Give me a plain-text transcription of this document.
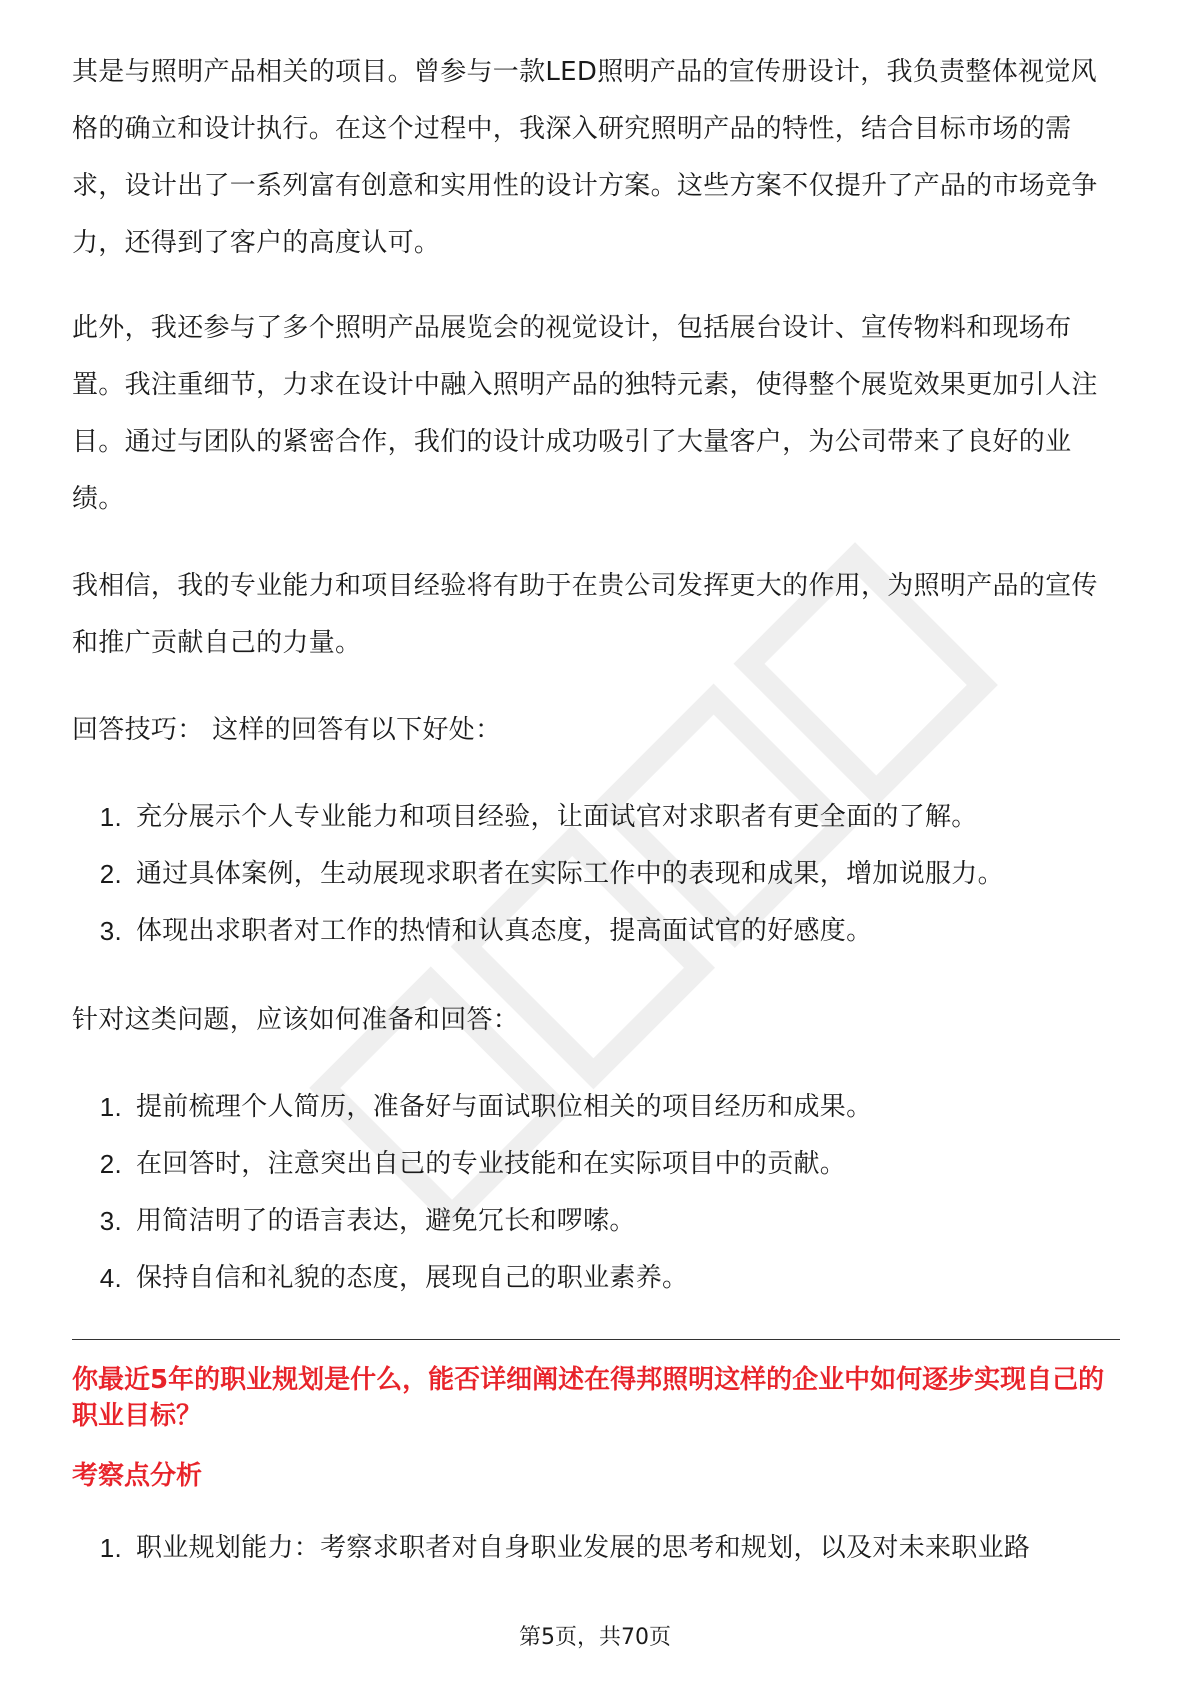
其是与照明产品相关的项目。曾参与一款LED照明产品的宣传册设计，我负责整体视觉风格的确立和设计执行。在这个过程中，我深入研究照明产品的特性，结合目标市场的需求，设计出了一系列富有创意和实用性的设计方案。这些方案不仅提升了产品的市场竞争力，还得到了客户的高度认可。

此外，我还参与了多个照明产品展览会的视觉设计，包括展台设计、宣传物料和现场布置。我注重细节，力求在设计中融入照明产品的独特元素，使得整个展览效果更加引人注目。通过与团队的紧密合作，我们的设计成功吸引了大量客户，为公司带来了良好的业绩。

我相信，我的专业能力和项目经验将有助于在贵公司发挥更大的作用，为照明产品的宣传和推广贡献自己的力量。

回答技巧： 这样的回答有以下好处：

1. 充分展示个人专业能力和项目经验，让面试官对求职者有更全面的了解。
2. 通过具体案例，生动展现求职者在实际工作中的表现和成果，增加说服力。
3. 体现出求职者对工作的热情和认真态度，提高面试官的好感度。

针对这类问题，应该如何准备和回答：

1. 提前梳理个人简历，准备好与面试职位相关的项目经历和成果。
2. 在回答时，注意突出自己的专业技能和在实际项目中的贡献。
3. 用简洁明了的语言表达，避免冗长和啰嗦。
4. 保持自信和礼貌的态度，展现自己的职业素养。

你最近5年的职业规划是什么，能否详细阐述在得邦照明这样的企业中如何逐步实现自己的职业目标？

考察点分析

1. 职业规划能力：考察求职者对自身职业发展的思考和规划，以及对未来职业路
第5页，共70页
